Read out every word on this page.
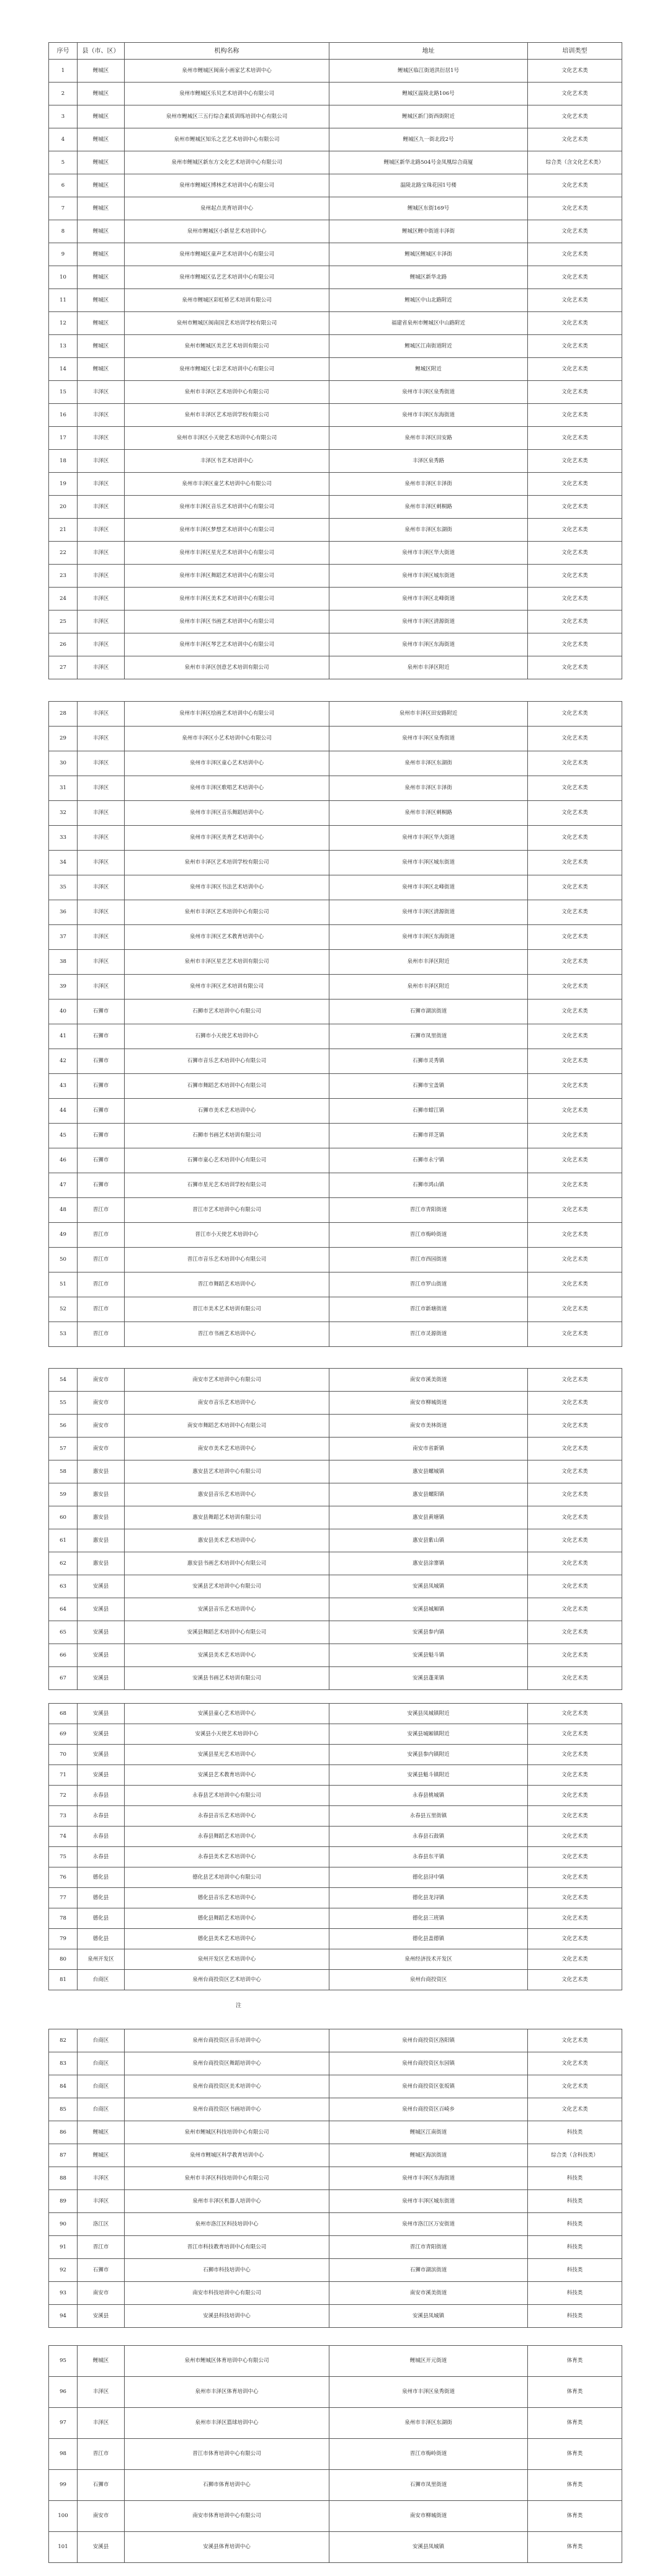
序号	县（市、区）	机构名称	地址	培训类型
1	鲤城区	泉州市鲤城区闽南小画家艺术培训中心	鲤城区临江街道洪衍居1号	文化艺术类
2	鲤城区	泉州市鲤城区乐贝艺术培训中心有限公司	鲤城区温陵北路106号	文化艺术类
3	鲤城区	泉州市鲤城区三五行综合素质训练培训中心有限公司	鲤城区新门街西街附近	文化艺术类
4	鲤城区	泉州市鲤城区知乐之艺艺术培训中心有限公司	鲤城区九一街北段2号	文化艺术类
5	鲤城区	泉州市鲤城区新东方文化艺术培训中心有限公司	鲤城区新华北路504号金凤凰综合商厦	综合类（含文化艺术类）
6	鲤城区	泉州市鲤城区博林艺术培训中心有限公司	温陵北路宝珠花园1号楼	文化艺术类
7	鲤城区	泉州起点美育培训中心	鲤城区东街169号	文化艺术类
8	鲤城区	泉州市鲤城区小新星艺术培训中心	鲤城区鲤中街道丰泽街	文化艺术类
9	鲤城区	泉州市鲤城区童声艺术培训中心有限公司	鲤城区鲤城区丰泽街	文化艺术类
10	鲤城区	泉州市鲤城区弘艺艺术培训中心有限公司	鲤城区新华北路	文化艺术类
11	鲤城区	泉州市鲤城区彩虹桥艺术培训有限公司	鲤城区中山北路附近	文化艺术类
12	鲤城区	泉州市鲤城区闽南国艺术培训学校有限公司	福建省泉州市鲤城区中山路附近	文化艺术类
13	鲤城区	泉州市鲤城区美艺艺术培训有限公司	鲤城区江南街道附近	文化艺术类
14	鲤城区	泉州市鲤城区七彩艺术培训中心有限公司	鲤城区附近	文化艺术类
15	丰泽区	泉州市丰泽区艺术培训中心有限公司	泉州市丰泽区泉秀街道	文化艺术类
16	丰泽区	泉州市丰泽区艺术培训学校有限公司	泉州市丰泽区东海街道	文化艺术类
17	丰泽区	泉州市丰泽区小天使艺术培训中心有限公司	泉州市丰泽区田安路	文化艺术类
18	丰泽区	丰泽区书艺术培训中心	丰泽区泉秀路	文化艺术类
19	丰泽区	泉州市丰泽区童艺术培训中心有限公司	泉州市丰泽区丰泽街	文化艺术类
20	丰泽区	泉州市丰泽区音乐艺术培训中心有限公司	泉州市丰泽区刺桐路	文化艺术类
21	丰泽区	泉州市丰泽区梦想艺术培训中心有限公司	泉州市丰泽区东湖街	文化艺术类
22	丰泽区	泉州市丰泽区星光艺术培训中心有限公司	泉州市丰泽区华大街道	文化艺术类
23	丰泽区	泉州市丰泽区舞蹈艺术培训中心有限公司	泉州市丰泽区城东街道	文化艺术类
24	丰泽区	泉州市丰泽区美术艺术培训中心有限公司	泉州市丰泽区北峰街道	文化艺术类
25	丰泽区	泉州市丰泽区书画艺术培训中心有限公司	泉州市丰泽区清源街道	文化艺术类
26	丰泽区	泉州市丰泽区琴艺艺术培训中心有限公司	泉州市丰泽区东海街道	文化艺术类
27	丰泽区	泉州市丰泽区创意艺术培训有限公司	泉州市丰泽区附近	文化艺术类
28	丰泽区	泉州市丰泽区绘画艺术培训中心有限公司	泉州市丰泽区田安路附近	文化艺术类
29	丰泽区	泉州市丰泽区小艺术培训中心有限公司	泉州市丰泽区泉秀街道	文化艺术类
30	丰泽区	泉州市丰泽区童心艺术培训中心	泉州市丰泽区东湖街	文化艺术类
31	丰泽区	泉州市丰泽区歌唱艺术培训中心	泉州市丰泽区丰泽街	文化艺术类
32	丰泽区	泉州市丰泽区音乐舞蹈培训中心	泉州市丰泽区刺桐路	文化艺术类
33	丰泽区	泉州市丰泽区美育艺术培训中心	泉州市丰泽区华大街道	文化艺术类
34	丰泽区	泉州市丰泽区艺术培训学校有限公司	泉州市丰泽区城东街道	文化艺术类
35	丰泽区	泉州市丰泽区书法艺术培训中心	泉州市丰泽区北峰街道	文化艺术类
36	丰泽区	泉州市丰泽区艺术培训中心有限公司	泉州市丰泽区清源街道	文化艺术类
37	丰泽区	泉州市丰泽区艺术教育培训中心	泉州市丰泽区东海街道	文化艺术类
38	丰泽区	泉州市丰泽区星艺艺术培训有限公司	泉州市丰泽区附近	文化艺术类
39	丰泽区	泉州市丰泽区艺术培训有限公司	泉州市丰泽区附近	文化艺术类
40	石狮市	石狮市艺术培训中心有限公司	石狮市湖滨街道	文化艺术类
41	石狮市	石狮市小天使艺术培训中心	石狮市凤里街道	文化艺术类
42	石狮市	石狮市音乐艺术培训中心有限公司	石狮市灵秀镇	文化艺术类
43	石狮市	石狮市舞蹈艺术培训中心有限公司	石狮市宝盖镇	文化艺术类
44	石狮市	石狮市美术艺术培训中心	石狮市蚶江镇	文化艺术类
45	石狮市	石狮市书画艺术培训有限公司	石狮市祥芝镇	文化艺术类
46	石狮市	石狮市童心艺术培训中心有限公司	石狮市永宁镇	文化艺术类
47	石狮市	石狮市星光艺术培训学校有限公司	石狮市鸿山镇	文化艺术类
48	晋江市	晋江市艺术培训中心有限公司	晋江市青阳街道	文化艺术类
49	晋江市	晋江市小天使艺术培训中心	晋江市梅岭街道	文化艺术类
50	晋江市	晋江市音乐艺术培训中心有限公司	晋江市西园街道	文化艺术类
51	晋江市	晋江市舞蹈艺术培训中心	晋江市罗山街道	文化艺术类
52	晋江市	晋江市美术艺术培训有限公司	晋江市新塘街道	文化艺术类
53	晋江市	晋江市书画艺术培训中心	晋江市灵源街道	文化艺术类
54	南安市	南安市艺术培训中心有限公司	南安市溪美街道	文化艺术类
55	南安市	南安市音乐艺术培训中心	南安市柳城街道	文化艺术类
56	南安市	南安市舞蹈艺术培训中心有限公司	南安市美林街道	文化艺术类
57	南安市	南安市美术艺术培训中心	南安市省新镇	文化艺术类
58	惠安县	惠安县艺术培训中心有限公司	惠安县螺城镇	文化艺术类
59	惠安县	惠安县音乐艺术培训中心	惠安县螺阳镇	文化艺术类
60	惠安县	惠安县舞蹈艺术培训有限公司	惠安县黄塘镇	文化艺术类
61	惠安县	惠安县美术艺术培训中心	惠安县紫山镇	文化艺术类
62	惠安县	惠安县书画艺术培训中心有限公司	惠安县涂寨镇	文化艺术类
63	安溪县	安溪县艺术培训中心有限公司	安溪县凤城镇	文化艺术类
64	安溪县	安溪县音乐艺术培训中心	安溪县城厢镇	文化艺术类
65	安溪县	安溪县舞蹈艺术培训中心有限公司	安溪县参内镇	文化艺术类
66	安溪县	安溪县美术艺术培训中心	安溪县魁斗镇	文化艺术类
67	安溪县	安溪县书画艺术培训有限公司	安溪县蓬莱镇	文化艺术类
68	安溪县	安溪县童心艺术培训中心	安溪县凤城镇附近	文化艺术类
69	安溪县	安溪县小天使艺术培训中心	安溪县城厢镇附近	文化艺术类
70	安溪县	安溪县星光艺术培训中心	安溪县参内镇附近	文化艺术类
71	安溪县	安溪县艺术教育培训中心	安溪县魁斗镇附近	文化艺术类
72	永春县	永春县艺术培训中心有限公司	永春县桃城镇	文化艺术类
73	永春县	永春县音乐艺术培训中心	永春县五里街镇	文化艺术类
74	永春县	永春县舞蹈艺术培训中心	永春县石鼓镇	文化艺术类
75	永春县	永春县美术艺术培训中心	永春县东平镇	文化艺术类
76	德化县	德化县艺术培训中心有限公司	德化县浔中镇	文化艺术类
77	德化县	德化县音乐艺术培训中心	德化县龙浔镇	文化艺术类
78	德化县	德化县舞蹈艺术培训中心	德化县三班镇	文化艺术类
79	德化县	德化县美术艺术培训中心	德化县盖德镇	文化艺术类
80	泉州开发区	泉州开发区艺术培训中心	泉州经济技术开发区	文化艺术类
81	台商区	泉州台商投资区艺术培训中心	泉州台商投资区	文化艺术类
注
82	台商区	泉州台商投资区音乐培训中心	泉州台商投资区洛阳镇	文化艺术类
83	台商区	泉州台商投资区舞蹈培训中心	泉州台商投资区东园镇	文化艺术类
84	台商区	泉州台商投资区美术培训中心	泉州台商投资区张坂镇	文化艺术类
85	台商区	泉州台商投资区书画培训中心	泉州台商投资区百崎乡	文化艺术类
86	鲤城区	泉州市鲤城区科技培训中心有限公司	鲤城区江南街道	科技类
87	鲤城区	泉州市鲤城区科学教育培训中心	鲤城区海滨街道	综合类（含科技类）
88	丰泽区	泉州市丰泽区科技培训中心有限公司	泉州市丰泽区东海街道	科技类
89	丰泽区	泉州市丰泽区机器人培训中心	泉州市丰泽区城东街道	科技类
90	洛江区	泉州市洛江区科技培训中心	泉州市洛江区万安街道	科技类
91	晋江市	晋江市科技教育培训中心有限公司	晋江市青阳街道	科技类
92	石狮市	石狮市科技培训中心	石狮市湖滨街道	科技类
93	南安市	南安市科技培训中心有限公司	南安市溪美街道	科技类
94	安溪县	安溪县科技培训中心	安溪县凤城镇	科技类
95	鲤城区	泉州市鲤城区体育培训中心有限公司	鲤城区开元街道	体育类
96	丰泽区	泉州市丰泽区体育培训中心	泉州市丰泽区泉秀街道	体育类
97	丰泽区	泉州市丰泽区篮球培训中心	泉州市丰泽区东湖街	体育类
98	晋江市	晋江市体育培训中心有限公司	晋江市梅岭街道	体育类
99	石狮市	石狮市体育培训中心	石狮市凤里街道	体育类
100	南安市	南安市体育培训中心有限公司	南安市柳城街道	体育类
101	安溪县	安溪县体育培训中心	安溪县凤城镇	体育类
